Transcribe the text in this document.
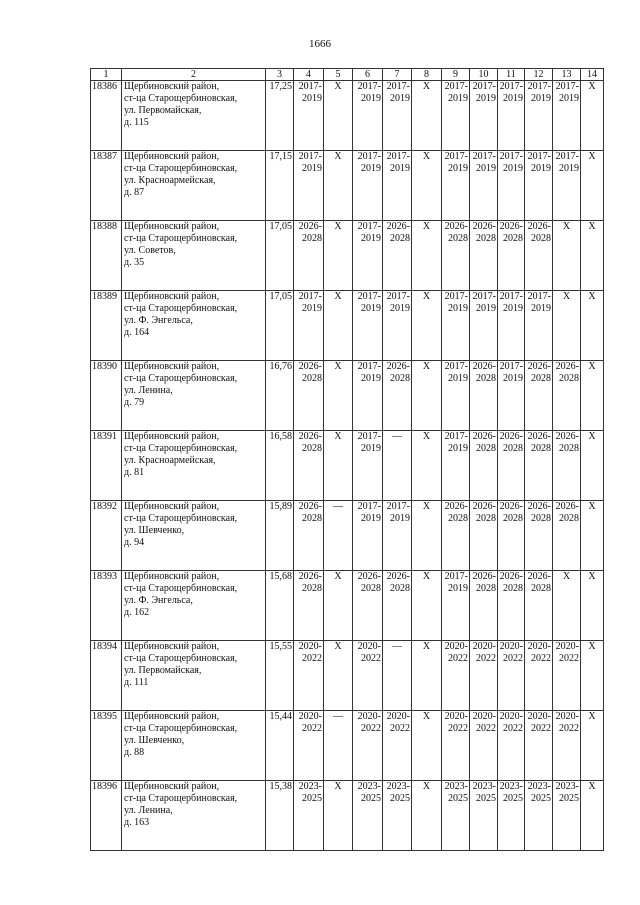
1666
1	2	3	4	5	6	7	8	9	10	11	12	13	14
18386	Щербиновский район,
ст-ца Старощербиновская,
ул. Первомайская,
д. 115	17,25	2017-
2019	X	2017-
2019	2017-
2019	X	2017-
2019	2017-
2019	2017-
2019	2017-
2019	2017-
2019	X
18387	Щербиновский район,
ст-ца Старощербиновская,
ул. Красноармейская,
д. 87	17,15	2017-
2019	X	2017-
2019	2017-
2019	X	2017-
2019	2017-
2019	2017-
2019	2017-
2019	2017-
2019	X
18388	Щербиновский район,
ст-ца Старощербиновская,
ул. Советов,
д. 35	17,05	2026-
2028	X	2017-
2019	2026-
2028	X	2026-
2028	2026-
2028	2026-
2028	2026-
2028	X	X
18389	Щербиновский район,
ст-ца Старощербиновская,
ул. Ф. Энгельса,
д. 164	17,05	2017-
2019	X	2017-
2019	2017-
2019	X	2017-
2019	2017-
2019	2017-
2019	2017-
2019	X	X
18390	Щербиновский район,
ст-ца Старощербиновская,
ул. Ленина,
д. 79	16,76	2026-
2028	X	2017-
2019	2026-
2028	X	2017-
2019	2026-
2028	2017-
2019	2026-
2028	2026-
2028	X
18391	Щербиновский район,
ст-ца Старощербиновская,
ул. Красноармейская,
д. 81	16,58	2026-
2028	X	2017-
2019	—	X	2017-
2019	2026-
2028	2026-
2028	2026-
2028	2026-
2028	X
18392	Щербиновский район,
ст-ца Старощербиновская,
ул. Шевченко,
д. 94	15,89	2026-
2028	—	2017-
2019	2017-
2019	X	2026-
2028	2026-
2028	2026-
2028	2026-
2028	2026-
2028	X
18393	Щербиновский район,
ст-ца Старощербиновская,
ул. Ф. Энгельса,
д. 162	15,68	2026-
2028	X	2026-
2028	2026-
2028	X	2017-
2019	2026-
2028	2026-
2028	2026-
2028	X	X
18394	Щербиновский район,
ст-ца Старощербиновская,
ул. Первомайская,
д. 111	15,55	2020-
2022	X	2020-
2022	—	X	2020-
2022	2020-
2022	2020-
2022	2020-
2022	2020-
2022	X
18395	Щербиновский район,
ст-ца Старощербиновская,
ул. Шевченко,
д. 88	15,44	2020-
2022	—	2020-
2022	2020-
2022	X	2020-
2022	2020-
2022	2020-
2022	2020-
2022	2020-
2022	X
18396	Щербиновский район,
ст-ца Старощербиновская,
ул. Ленина,
д. 163	15,38	2023-
2025	X	2023-
2025	2023-
2025	X	2023-
2025	2023-
2025	2023-
2025	2023-
2025	2023-
2025	X
